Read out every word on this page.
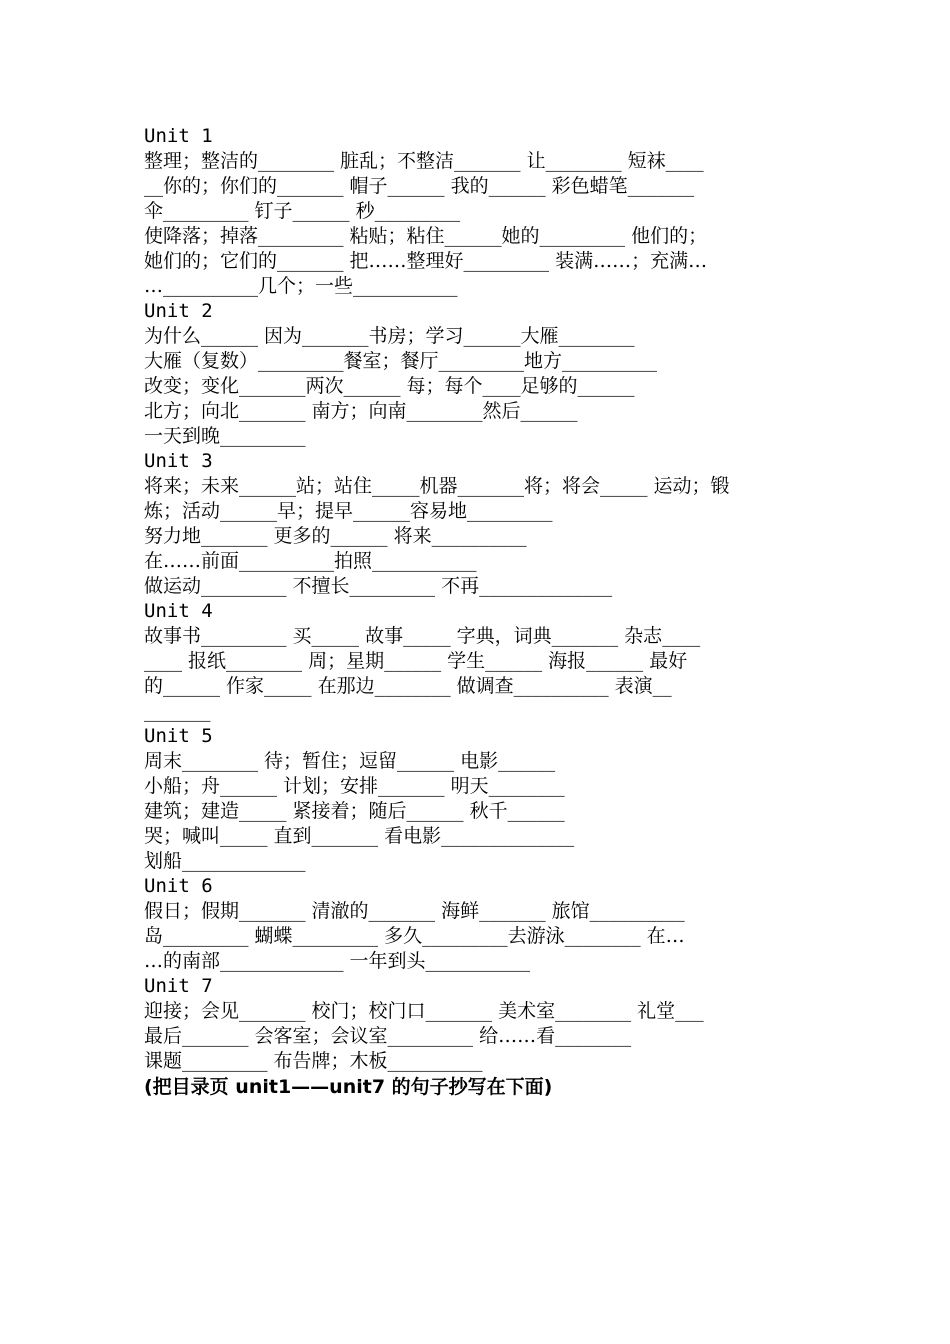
Unit 1
整理；整洁的________ 脏乱；不整洁_______ 让________ 短袜____
__你的；你们的_______ 帽子______ 我的______ 彩色蜡笔_______
伞_________ 钉子______ 秒_________
使降落；掉落_________ 粘贴；粘住______她的_________ 他们的；
她们的；它们的_______ 把……整理好_________ 装满……；充满…
…__________几个；一些___________
Unit 2
为什么______ 因为_______书房；学习______大雁________
大雁（复数）_________餐室；餐厅_________地方__________
改变；变化_______两次______ 每；每个____足够的______
北方；向北_______ 南方；向南________然后______
一天到晚_________
Unit 3
将来；未来______站；站住_____机器_______将；将会_____ 运动；锻
炼；活动______早；提早______容易地_________
努力地_______ 更多的______ 将来__________
在……前面__________拍照___________
做运动_________ 不擅长_________ 不再______________
Unit 4
故事书_________ 买_____ 故事_____ 字典，词典_______ 杂志____
____ 报纸________ 周；星期______ 学生______ 海报______ 最好
的______ 作家_____ 在那边________ 做调查__________ 表演__
_______
Unit 5
周末________ 待；暂住；逗留______ 电影______
小船；舟______ 计划；安排_______ 明天________
建筑；建造_____ 紧接着；随后______ 秋千______
哭；喊叫_____ 直到_______ 看电影______________
划船_____________
Unit 6
假日；假期_______ 清澈的_______ 海鲜_______ 旅馆__________
岛_________ 蝴蝶_________ 多久_________去游泳________ 在…
…的南部_____________ 一年到头___________
Unit 7
迎接；会见_______ 校门；校门口_______ 美术室________ 礼堂___
最后_______ 会客室；会议室_________ 给……看________
课题_________ 布告牌；木板__________
(把目录页 unit1——unit7 的句子抄写在下面)
